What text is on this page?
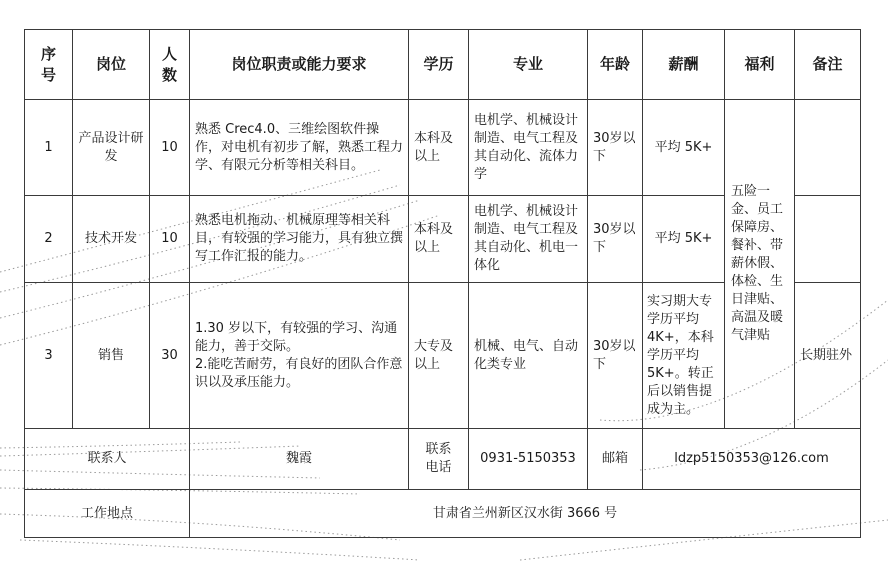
序号	岗位	人数	岗位职责或能力要求	学历	专业	年龄	薪酬	福利	备注
1	产品设计研发	10	熟悉 Crec4.0、三维绘图软件操作，对电机有初步了解，熟悉工程力学、有限元分析等相关科目。	本科及以上	电机学、机械设计制造、电气工程及其自动化、流体力学	30岁以下	平均 5K+	五险一金、员工保障房、餐补、带薪休假、体检、生日津贴、高温及暖气津贴	
2	技术开发	10	熟悉电机拖动、机械原理等相关科目，有较强的学习能力，具有独立撰写工作汇报的能力。	本科及以上	电机学、机械设计制造、电气工程及其自动化、机电一体化	30岁以下	平均 5K+		
3	销售	30	1.30 岁以下，有较强的学习、沟通能力，善于交际。
2.能吃苦耐劳，有良好的团队合作意识以及承压能力。	大专及以上	机械、电气、自动化类专业	30岁以下	实习期大专学历平均 4K+，本科学历平均 5K+。转正后以销售提成为主。		长期驻外
联系人			魏霞	联系电话	0931-5150353	邮箱	ldzp5150353@126.com		
工作地点			甘肃省兰州新区汉水街 3666 号						
